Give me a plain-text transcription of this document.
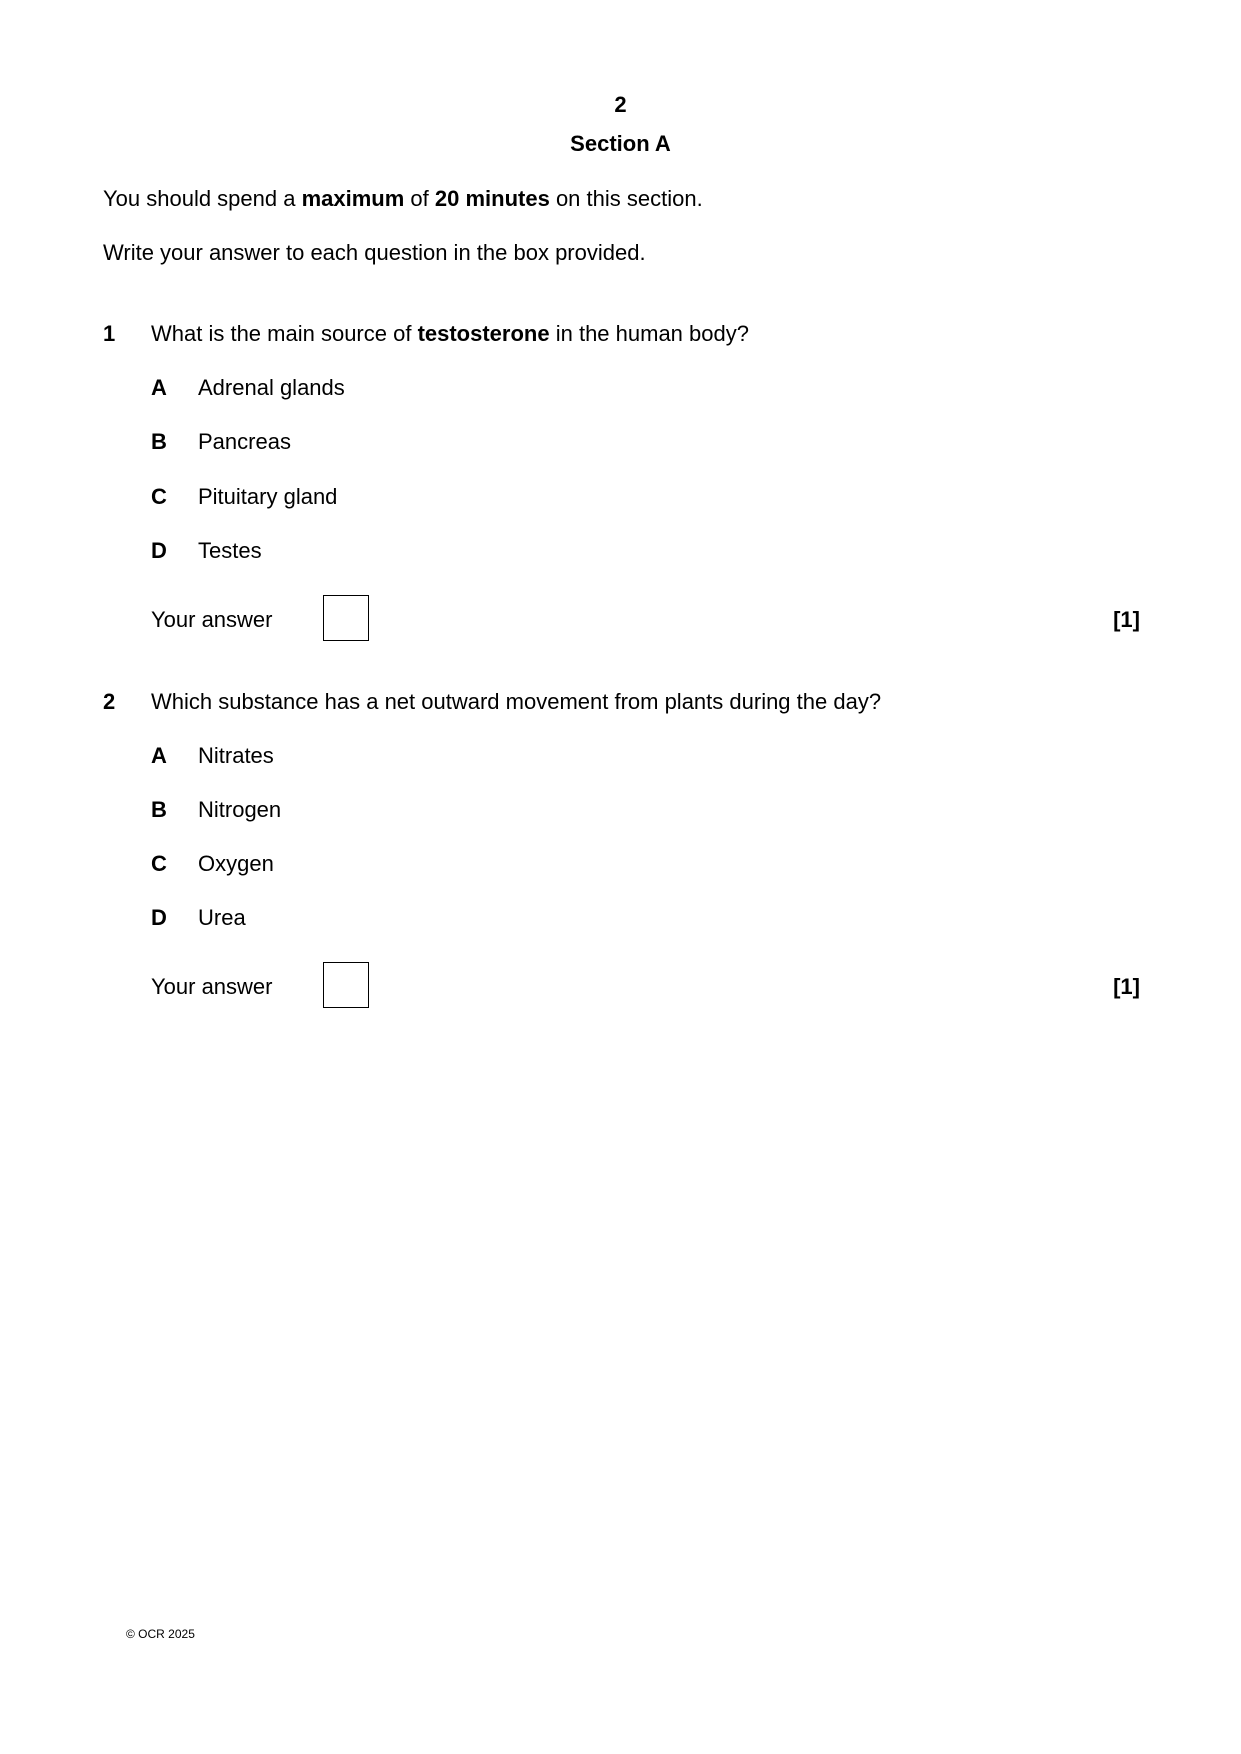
2
Section A
You should spend a maximum of 20 minutes on this section.
Write your answer to each question in the box provided.
1 What is the main source of testosterone in the human body?
A Adrenal glands
B Pancreas
C Pituitary gland
D Testes
Your answer	[1]
2 Which substance has a net outward movement from plants during the day?
A Nitrates
B Nitrogen
C Oxygen
D Urea
Your answer	[1]
© OCR 2025
